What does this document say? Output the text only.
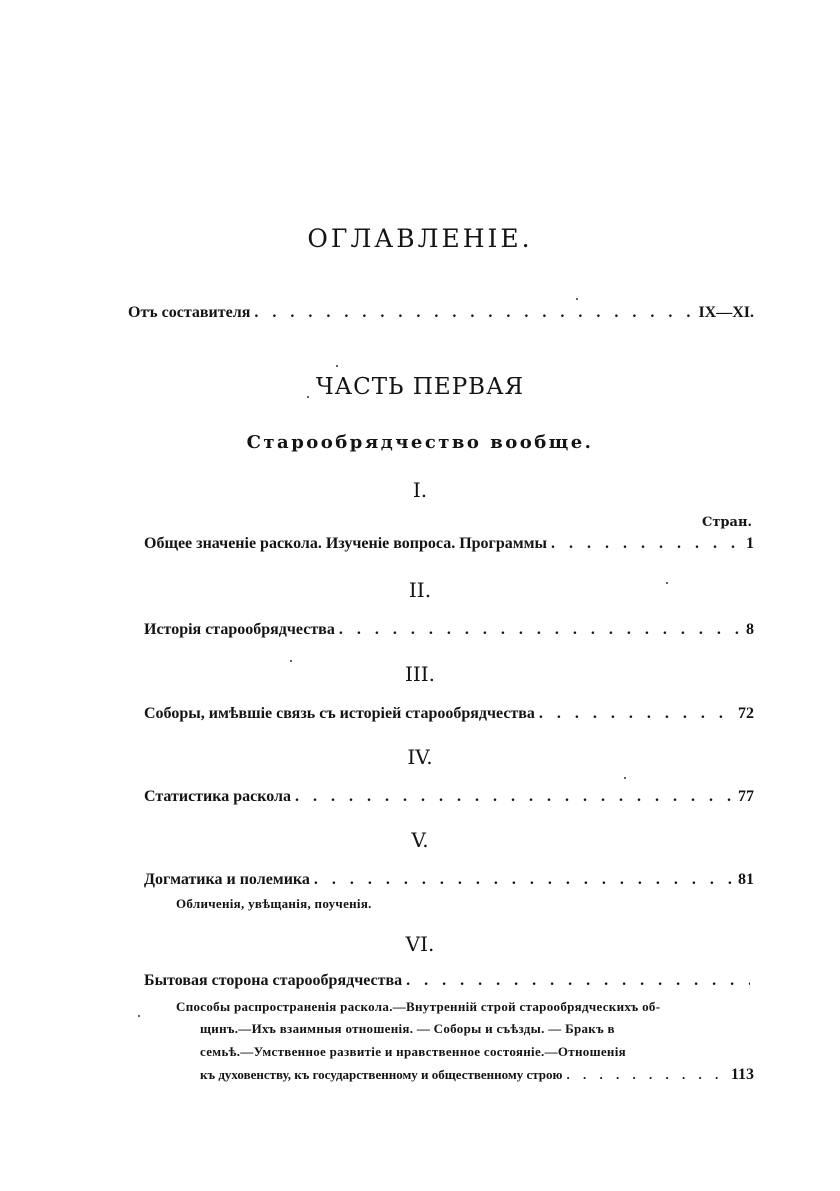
ОГЛАВЛЕНІЕ.
Отъ составителя . . .	IX—XI.
ЧАСТЬ ПЕРВАЯ
Старообрядчество вообще.
I.
Стран.
Общее значеніе раскола. Изученіе вопроса. Программы . . .	1
II.
Исторія старообрядчества . . .	8
III.
Соборы, имѣвшіе связь съ исторіей старообрядчества . . .	72
IV.
Статистика раскола . . .	77
V.
Догматика и полемика . . .	81
Обличенія, увѣщанія, поученія.
VI.
Бытовая сторона старообрядчества
. . .
Способы распространенія раскола.—Внутренній строй старообрядческихъ об-
щинъ.—Ихъ взаимныя отношенія. — Соборы и съѣзды. — Бракъ в
семьѣ.—Умственное развитіе и нравственное состояніе.—Отношенія
къ духовенству, къ государственному и общественному строю . . .	113
